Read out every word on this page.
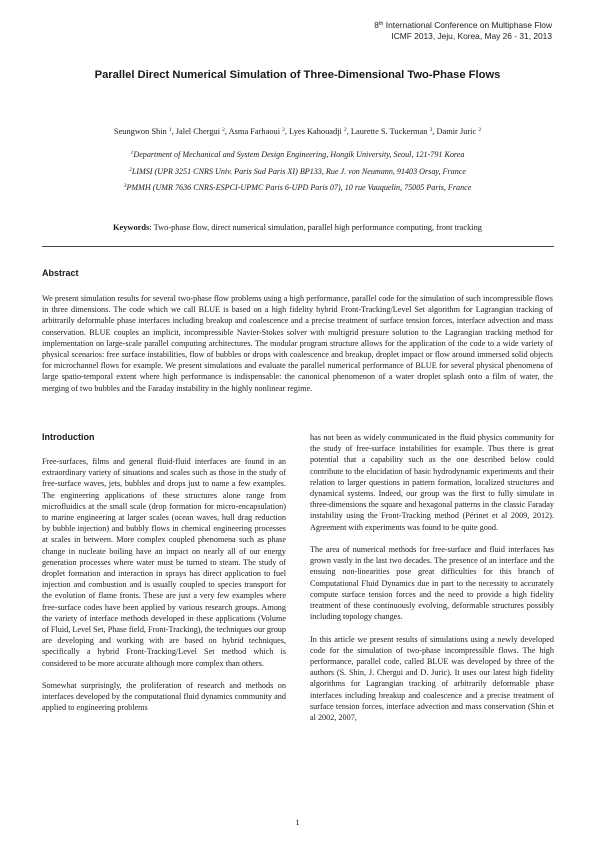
8th International Conference on Multiphase Flow
ICMF 2013, Jeju, Korea, May 26 - 31, 2013
Parallel Direct Numerical Simulation of Three-Dimensional Two-Phase Flows
Seungwon Shin $^1$, Jalel Chergui $^2$, Asma Farhaoui $^2$, Lyes Kahouadji $^2$, Laurette S. Tuckerman $^3$, Damir Juric $^2$
$^1$Department of Mechanical and System Design Engineering, Hongik University, Seoul, 121-791 Korea
$^2$LIMSI (UPR 3251 CNRS Univ. Paris Sud Paris XI) BP133, Rue J. von Neumann, 91403 Orsay, France
$^3$PMMH (UMR 7636 CNRS-ESPCI-UPMC Paris 6-UPD Paris 07), 10 rue Vauquelin, 75005 Paris, France
Keywords: Two-phase flow, direct numerical simulation, parallel high performance computing, front tracking
Abstract

We present simulation results for several two-phase flow problems using a high performance, parallel code for the simulation of such incompressible flows in three dimensions. The code which we call BLUE is based on a high fidelity hybrid Front-Tracking/Level Set algorithm for Lagrangian tracking of arbitrarily deformable phase interfaces including breakup and coalescence and a precise treatment of surface tension forces, interface advection and mass conservation. BLUE couples an implicit, incompressible Navier-Stokes solver with multigrid pressure solution to the Lagrangian tracking method for implementation on large-scale parallel computing architectures. The modular program structure allows for the application of the code to a wide variety of physical scenarios: free surface instabilities, flow of bubbles or drops with coalescence and breakup, droplet impact or flow around immersed solid objects for microchannel flows for example. We present simulations and evaluate the parallel numerical performance of BLUE for several physical phenomena of large spatio-temporal extent where high performance is indispensable: the canonical phenomenon of a water droplet splash onto a film of water, the merging of two bubbles and the Faraday instability in the highly nonlinear regime.

Introduction

Free-surfaces, films and general fluid-fluid interfaces are found in an extraordinary variety of situations and scales such as those in the study of free-surface waves, jets, bubbles and drops just to name a few examples. The engineering applications of these structures alone range from microfluidics at the small scale (drop formation for micro-encapsulation) to marine engineering at larger scales (ocean waves, hull drag reduction by bubble injection) and bubbly flows in chemical engineering processes at scales in between. More complex coupled phenomena such as phase change in nucleate boiling have an impact on nearly all of our energy generation processes where water must be turned to steam. The study of droplet formation and interaction in sprays has direct application to fuel injection and combustion and is usually coupled to species transport for the evolution of flame fronts. These are just a very few examples where free-surface codes have been applied by various research groups. Among the variety of interface methods developed in these applications (Volume of Fluid, Level Set, Phase field, Front-Tracking), the techniques our group are developing and working with are based on hybrid techniques, specifically a hybrid Front-Tracking/Level Set method which is considered to be more accurate although more complex than others.

Somewhat surprisingly, the proliferation of research and methods on interfaces developed by the computational fluid dynamics community and applied to engineering problems

has not been as widely communicated in the fluid physics community for the study of free-surface instabilities for example. Thus there is great potential that a capability such as the one described below could contribute to the elucidation of basic hydrodynamic experiments and their relation to larger questions in pattern formation, localized structures and dynamical systems. Indeed, our group was the first to fully simulate in three-dimensions the square and hexagonal patterns in the classic Faraday instability using the Front-Tracking method (Périnet et al 2009, 2012). Agreement with experiments was found to be quite good.

The area of numerical methods for free-surface and fluid interfaces has grown vastly in the last two decades. The presence of an interface and the ensuing non-linearities pose great difficulties for this branch of Computational Fluid Dynamics due in part to the necessity to accurately compute surface tension forces and the need to provide a high fidelity treatment of these continuously evolving, deformable structures possibly including topology changes.

In this article we present results of simulations using a newly developed code for the simulation of two-phase incompressible flows. The high performance, parallel code, called BLUE was developed by three of the authors (S. Shin, J. Chergui and D. Juric). It uses our latest high fidelity algorithms for Lagrangian tracking of arbitrarily deformable phase interfaces including breakup and coalescence and a precise treatment of surface tension forces, interface advection and mass conservation (Shin et al 2002, 2007,

1
